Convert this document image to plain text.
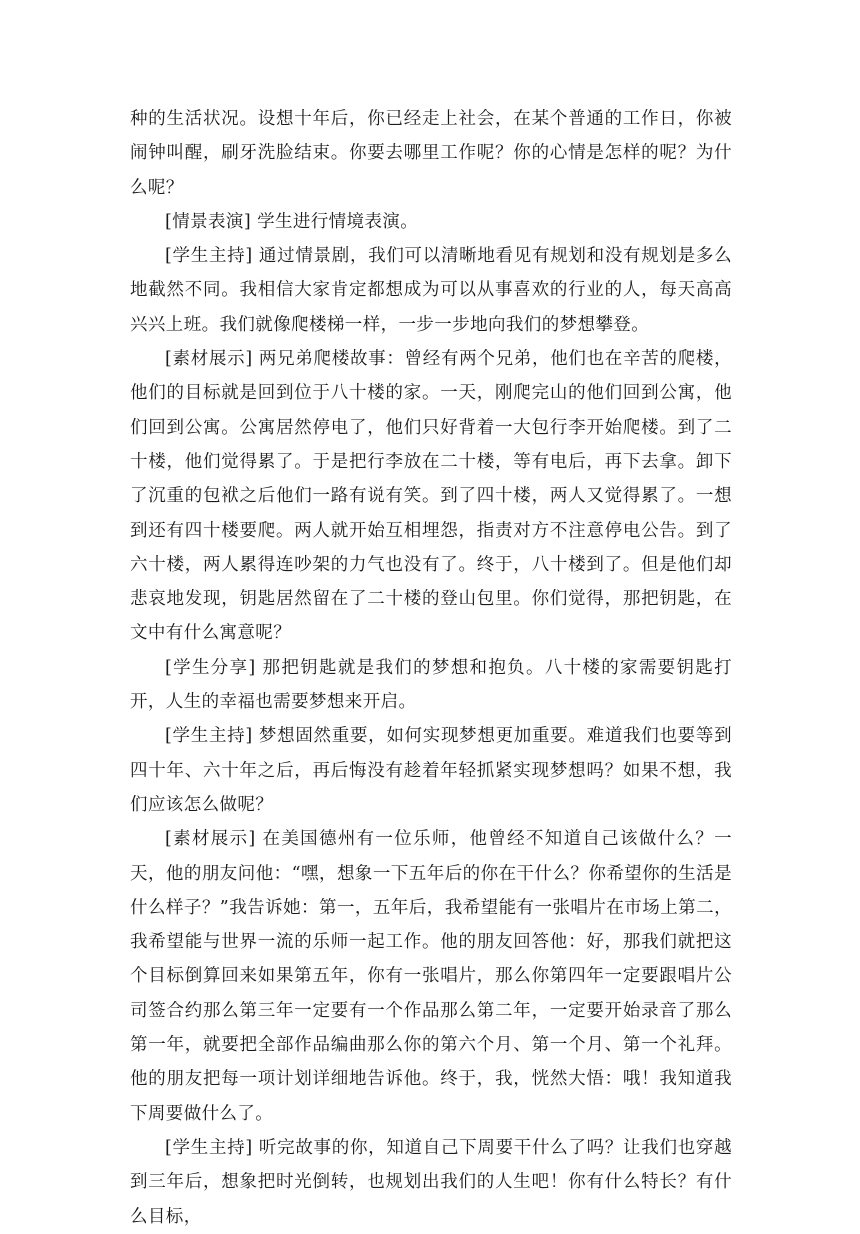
种的生活状况。设想十年后，你已经走上社会，在某个普通的工作日，你被闹钟叫醒，刷牙洗脸结束。你要去哪里工作呢？你的心情是怎样的呢？为什么呢？

[情景表演] 学生进行情境表演。

[学生主持] 通过情景剧，我们可以清晰地看见有规划和没有规划是多么地截然不同。我相信大家肯定都想成为可以从事喜欢的行业的人，每天高高兴兴上班。我们就像爬楼梯一样，一步一步地向我们的梦想攀登。

[素材展示] 两兄弟爬楼故事：曾经有两个兄弟，他们也在辛苦的爬楼，他们的目标就是回到位于八十楼的家。一天，刚爬完山的他们回到公寓，他们回到公寓。公寓居然停电了，他们只好背着一大包行李开始爬楼。到了二十楼，他们觉得累了。于是把行李放在二十楼，等有电后，再下去拿。卸下了沉重的包袱之后他们一路有说有笑。到了四十楼，两人又觉得累了。一想到还有四十楼要爬。两人就开始互相埋怨，指责对方不注意停电公告。到了六十楼，两人累得连吵架的力气也没有了。终于，八十楼到了。但是他们却悲哀地发现，钥匙居然留在了二十楼的登山包里。你们觉得，那把钥匙，在文中有什么寓意呢？

[学生分享] 那把钥匙就是我们的梦想和抱负。八十楼的家需要钥匙打开，人生的幸福也需要梦想来开启。

[学生主持] 梦想固然重要，如何实现梦想更加重要。难道我们也要等到四十年、六十年之后，再后悔没有趁着年轻抓紧实现梦想吗？如果不想，我们应该怎么做呢？

[素材展示] 在美国德州有一位乐师，他曾经不知道自己该做什么？一天，他的朋友问他：“嘿，想象一下五年后的你在干什么？你希望你的生活是什么样子？”我告诉她：第一，五年后，我希望能有一张唱片在市场上第二，我希望能与世界一流的乐师一起工作。他的朋友回答他：好，那我们就把这个目标倒算回来如果第五年，你有一张唱片，那么你第四年一定要跟唱片公司签合约那么第三年一定要有一个作品那么第二年，一定要开始录音了那么第一年，就要把全部作品编曲那么你的第六个月、第一个月、第一个礼拜。他的朋友把每一项计划详细地告诉他。终于，我，恍然大悟：哦！我知道我下周要做什么了。

[学生主持] 听完故事的你，知道自己下周要干什么了吗？让我们也穿越到三年后，想象把时光倒转，也规划出我们的人生吧！你有什么特长？有什么目标，
